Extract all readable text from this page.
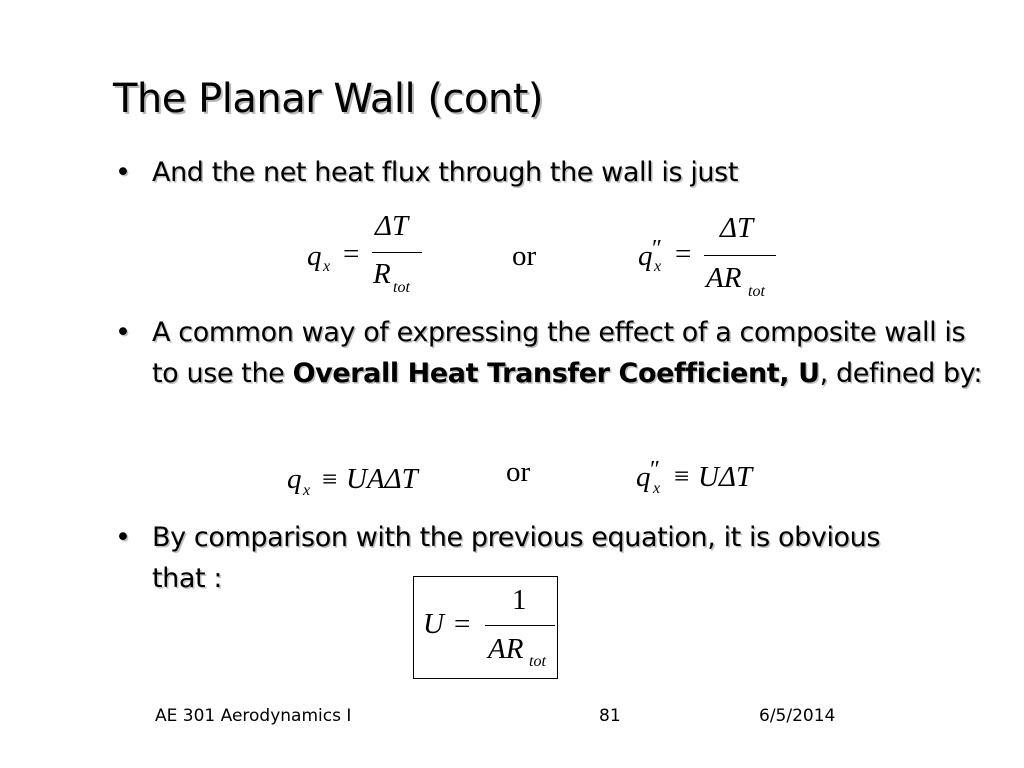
The Planar Wall (cont)
• And the net heat flux through the wall is just
q x =
ΔT
R tot
or	q ″
x =
ΔT
AR tot
• A common way of expressing the effect of a composite wall is to use the Overall Heat Transfer Coefficient, U, defined by:
q x ≡ UAΔT	or	q ″
x ≡ UΔT
• By comparison with the previous equation, it is obvious that :
U =
1
AR tot
AE 301 Aerodynamics I	81	6/5/2014
